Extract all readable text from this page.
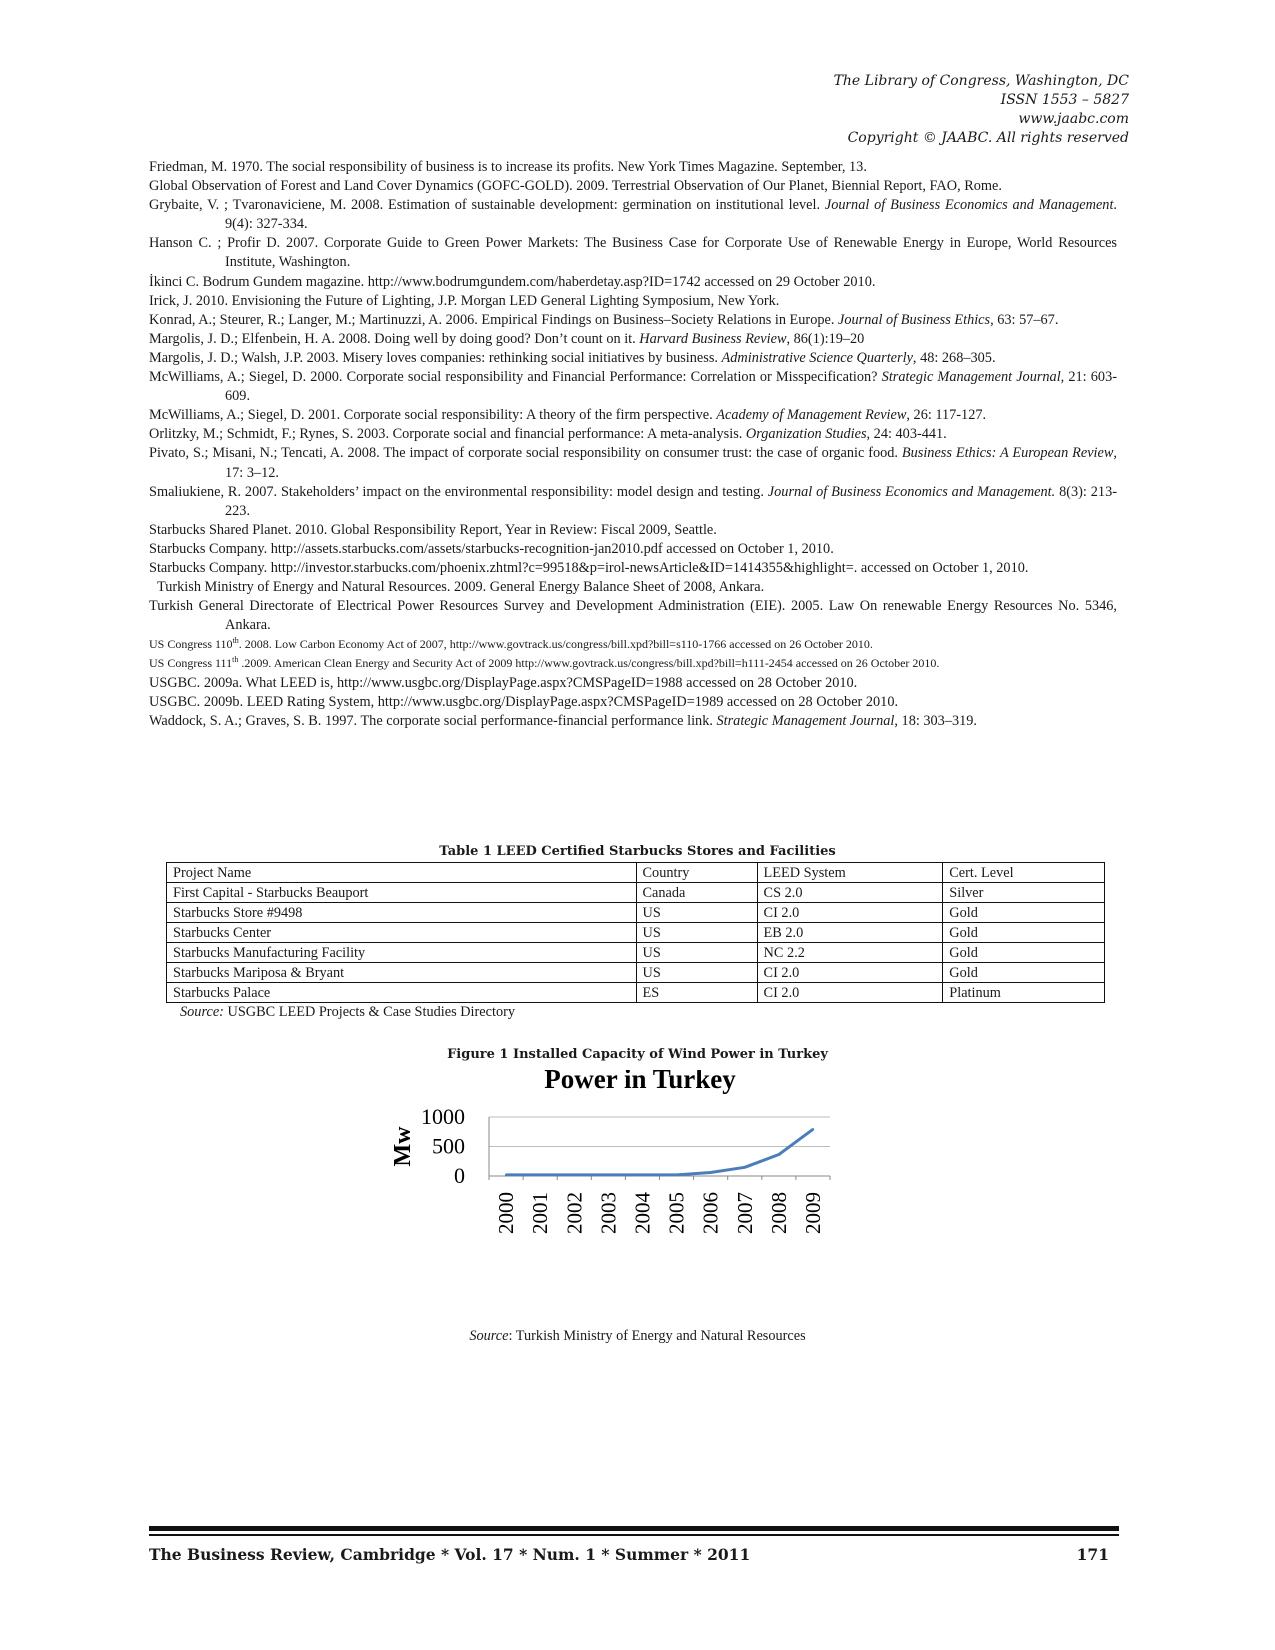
The Library of Congress, Washington, DC
ISSN 1553 – 5827
www.jaabc.com
Copyright © JAABC. All rights reserved
Friedman, M. 1970. The social responsibility of business is to increase its profits. New York Times Magazine. September, 13.
Global Observation of Forest and Land Cover Dynamics (GOFC-GOLD). 2009. Terrestrial Observation of Our Planet, Biennial Report, FAO, Rome.
Grybaite, V. ; Tvaronaviciene, M. 2008. Estimation of sustainable development: germination on institutional level. Journal of Business Economics and Management. 9(4): 327-334.
Hanson C. ; Profir D. 2007. Corporate Guide to Green Power Markets: The Business Case for Corporate Use of Renewable Energy in Europe, World Resources Institute, Washington.
İkinci C. Bodrum Gundem magazine. http://www.bodrumgundem.com/haberdetay.asp?ID=1742 accessed on 29 October 2010.
Irick, J. 2010. Envisioning the Future of Lighting, J.P. Morgan LED General Lighting Symposium, New York.
Konrad, A.; Steurer, R.; Langer, M.; Martinuzzi, A. 2006. Empirical Findings on Business–Society Relations in Europe. Journal of Business Ethics, 63: 57–67.
Margolis, J. D.; Elfenbein, H. A. 2008. Doing well by doing good? Don’t count on it. Harvard Business Review, 86(1):19–20
Margolis, J. D.; Walsh, J.P. 2003. Misery loves companies: rethinking social initiatives by business. Administrative Science Quarterly, 48: 268–305.
McWilliams, A.; Siegel, D. 2000. Corporate social responsibility and Financial Performance: Correlation or Misspecification? Strategic Management Journal, 21: 603-609.
McWilliams, A.; Siegel, D. 2001. Corporate social responsibility: A theory of the firm perspective. Academy of Management Review, 26: 117-127.
Orlitzky, M.; Schmidt, F.; Rynes, S. 2003. Corporate social and financial performance: A meta-analysis. Organization Studies, 24: 403-441.
Pivato, S.; Misani, N.; Tencati, A. 2008. The impact of corporate social responsibility on consumer trust: the case of organic food. Business Ethics: A European Review, 17: 3–12.
Smaliukiene, R. 2007. Stakeholders’ impact on the environmental responsibility: model design and testing. Journal of Business Economics and Management. 8(3): 213-223.
Starbucks Shared Planet. 2010. Global Responsibility Report, Year in Review: Fiscal 2009, Seattle.
Starbucks Company. http://assets.starbucks.com/assets/starbucks-recognition-jan2010.pdf accessed on October 1, 2010.
Starbucks Company. http://investor.starbucks.com/phoenix.zhtml?c=99518&p=irol-newsArticle&ID=1414355&highlight=. accessed on October 1, 2010.
Turkish Ministry of Energy and Natural Resources. 2009. General Energy Balance Sheet of 2008, Ankara.
Turkish General Directorate of Electrical Power Resources Survey and Development Administration (EIE). 2005. Law On renewable Energy Resources No. 5346, Ankara.
US Congress 110th. 2008. Low Carbon Economy Act of 2007, http://www.govtrack.us/congress/bill.xpd?bill=s110-1766 accessed on 26 October 2010.
US Congress 111th .2009. American Clean Energy and Security Act of 2009 http://www.govtrack.us/congress/bill.xpd?bill=h111-2454 accessed on 26 October 2010.
USGBC. 2009a. What LEED is, http://www.usgbc.org/DisplayPage.aspx?CMSPageID=1988 accessed on 28 October 2010.
USGBC. 2009b. LEED Rating System, http://www.usgbc.org/DisplayPage.aspx?CMSPageID=1989 accessed on 28 October 2010.
Waddock, S. A.; Graves, S. B. 1997. The corporate social performance-financial performance link. Strategic Management Journal, 18: 303–319.
Table 1 LEED Certified Starbucks Stores and Facilities
Project Name	Country	LEED System	Cert. Level
First Capital - Starbucks Beauport	Canada	CS 2.0	Silver
Starbucks Store #9498	US	CI 2.0	Gold
Starbucks Center	US	EB 2.0	Gold
Starbucks Manufacturing Facility	US	NC 2.2	Gold
Starbucks Mariposa & Bryant	US	CI 2.0	Gold
Starbucks Palace	ES	CI 2.0	Platinum
Source: USGBC LEED Projects & Case Studies Directory
Figure 1 Installed Capacity of Wind Power in Turkey
Power in Turkey
0
500
1000
Mw
2000 2001 2002 2003 2004 2005 2006 2007 2008 2009
Source: Turkish Ministry of Energy and Natural Resources
The Business Review, Cambridge * Vol. 17 * Num. 1 * Summer * 2011	171
